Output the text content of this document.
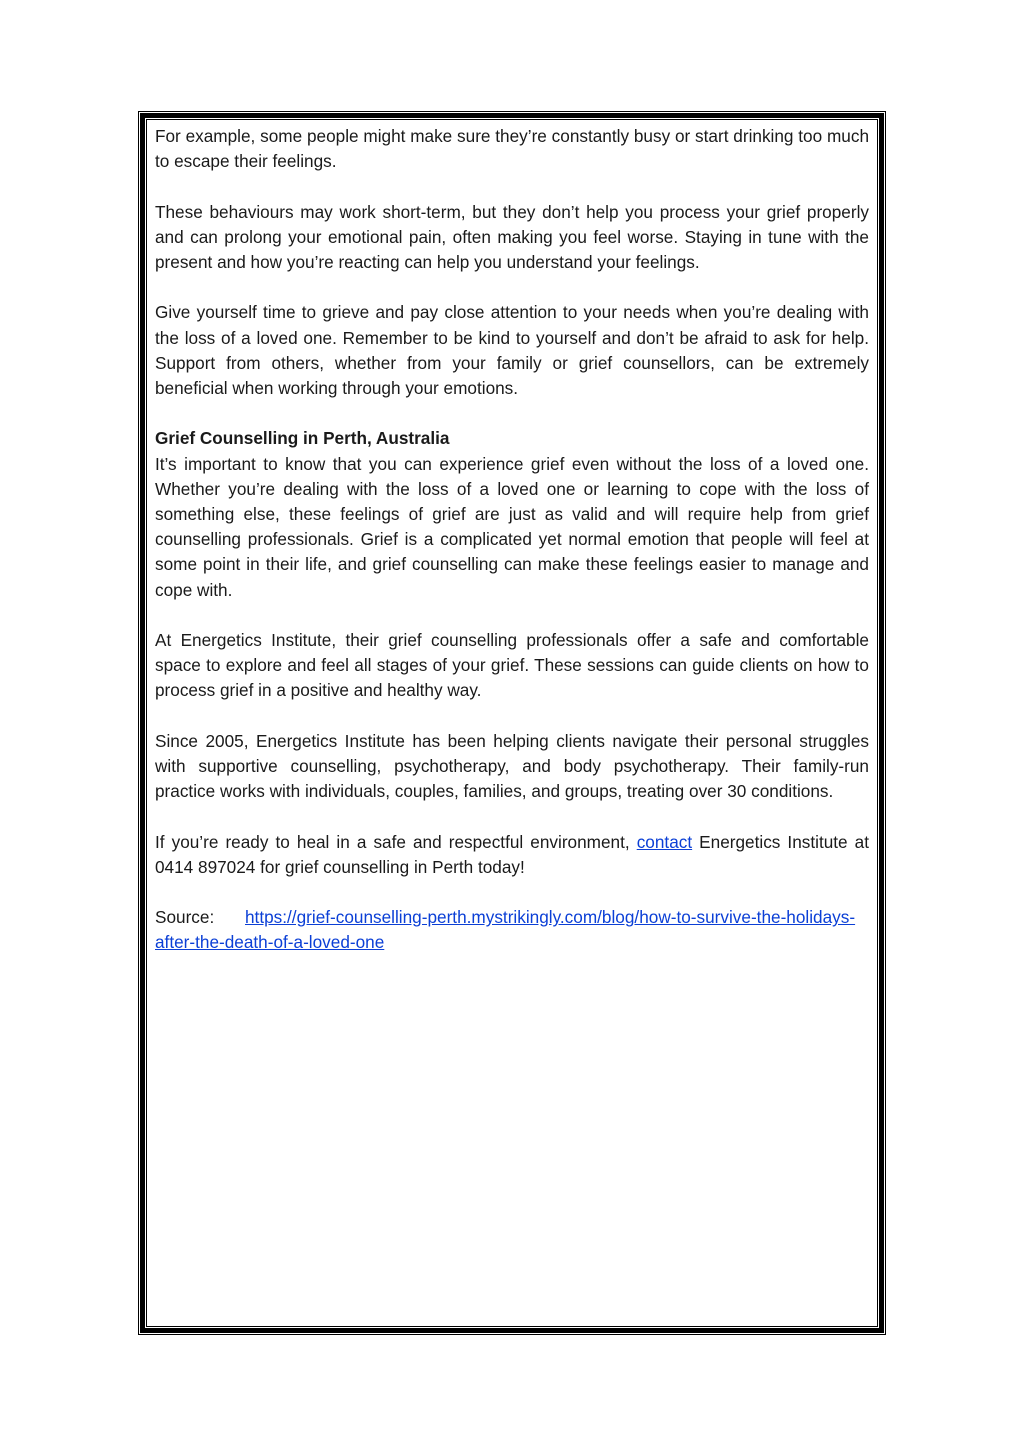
For example, some people might make sure they’re constantly busy or start drinking too much to escape their feelings.

These behaviours may work short-term, but they don’t help you process your grief properly and can prolong your emotional pain, often making you feel worse. Staying in tune with the present and how you’re reacting can help you understand your feelings.

Give yourself time to grieve and pay close attention to your needs when you’re dealing with the loss of a loved one. Remember to be kind to yourself and don’t be afraid to ask for help. Support from others, whether from your family or grief counsellors, can be extremely beneficial when working through your emotions.

Grief Counselling in Perth, Australia
It’s important to know that you can experience grief even without the loss of a loved one. Whether you’re dealing with the loss of a loved one or learning to cope with the loss of something else, these feelings of grief are just as valid and will require help from grief counselling professionals. Grief is a complicated yet normal emotion that people will feel at some point in their life, and grief counselling can make these feelings easier to manage and cope with.

At Energetics Institute, their grief counselling professionals offer a safe and comfortable space to explore and feel all stages of your grief. These sessions can guide clients on how to process grief in a positive and healthy way.

Since 2005, Energetics Institute has been helping clients navigate their personal struggles with supportive counselling, psychotherapy, and body psychotherapy. Their family-run practice works with individuals, couples, families, and groups, treating over 30 conditions.

If you’re ready to heal in a safe and respectful environment, contact Energetics Institute at 0414 897024 for grief counselling in Perth today!

Source: https://grief-counselling-perth.mystrikingly.com/blog/how-to-survive-the-holidays-after-the-death-of-a-loved-one
